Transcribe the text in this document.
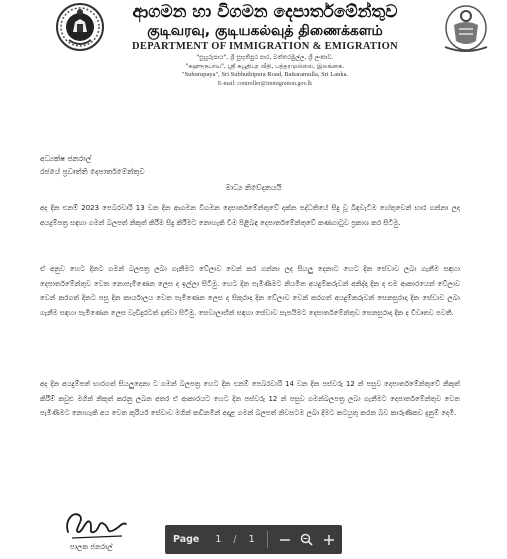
ආගමන හා විගමන දෙපාර්තමේන්තුව
குடிவரவு, குடியகல்வுத் திணைக்களம்
DEPARTMENT OF IMMIGRATION & EMIGRATION
"සුහුරුපාය", ශ්‍රී සුභූතිපුර පාර, බත්තරමුල්ල, ශ්‍රී ලංකාව.
"சுஹுருபாய", ஸ்ரீ சுபூதிபுர வீதி, பத்தரமுல்லை, இலங்கை.
"Suhurupaya", Sri Subhuthipura Road, Battaramulla, Sri Lanka.
E-mail: controller@immigration.gov.lk
අධ්‍යක්ෂ ජනරාල්
රජයේ ප්‍රවෘත්ති දෙපාර්තමේන්තුව
මාධ්‍ය නිවේදනයයි
අද දින එනම් 2023 පෙබරවාරි 13 වන දින ආගමන විගමන දෙපාර්තමේන්තුවේ දක්න පද්ධතියේ සිදු වූ බිඳවැටීම හේතුවෙන් භාර ගන්නා ලද අයදුම්පත්‍ර සඳහා ගමන් බලපත් නිකුත් කිරීම සිදු කිරීමට නොහැකි වීම පිළිබඳ දෙපාර්තමේන්තුවේ කණගාටුව ප්‍රකාශ කර සිටිමු.
ඒ අනුව හෙට දිනට ගමන් බලපත්‍ර ලබා ගැනීමට වේලාව වෙන් කර ගන්නා ලද සියලු දෙනාට හෙට දින සේවාව ලබා ගැනීම සඳහා දෙපාර්තමේන්තුව වෙත නොපැමිණෙන ලෙස ද ඉල්ලා සිටිමු. හෙට දින පැමිණීමට නියමිත අයදුම්කරුවන් අනිද්දා දින ද එම ආකාරයෙන් වේලාව වෙන් කරගත් දිනට පසු දින කාර්යාලය වෙත පැමිණෙන ලෙස ද සිකුරාදා දින වේලාව වෙන් කරගත් අයදුම්කරුවන් සෙනසුරාදා දින සේවාව ලබා ගැනීම සඳහා පැමිණෙන ලෙස වැඩිදුරටත් දන්වා සිටිමු. සෙවාලාභීන් සඳහා සේවාව සැපයීමට දෙපාර්තමේන්තුව සෙනසුරාදා දින ද විවෘතව පවතී.
අද දින අයදුම්පත් භාරගත් සියලුදෙනා ට ගමන් බලපත්‍ර හෙට දින එනම් පෙබරවාරි 14 වන දින පස්වරු 12 න් පසුව දෙපාර්තමේන්තුවේ නිකුත් කිරීම් කවුළු මගින් නිකුත් කරනු ලබන අතර ඒ ආකාරයට හෙට දින පස්වරු 12 න් පසුව ගමන්බලපත්‍ර ලබා ගැනීමට දෙපාර්තමේන්තුව වෙත පැමිණීමට නොහැකි අය වෙත කුරියර් සේවාව මගින් කඩිනමින් අදාළ ගමන් බලපත් නිවසටම ලබා දීමට කටයුතු කරන බව කාරුණිකව දැනුම් දෙමි.
පාලක ජනරාල්
Page 1 / 1
